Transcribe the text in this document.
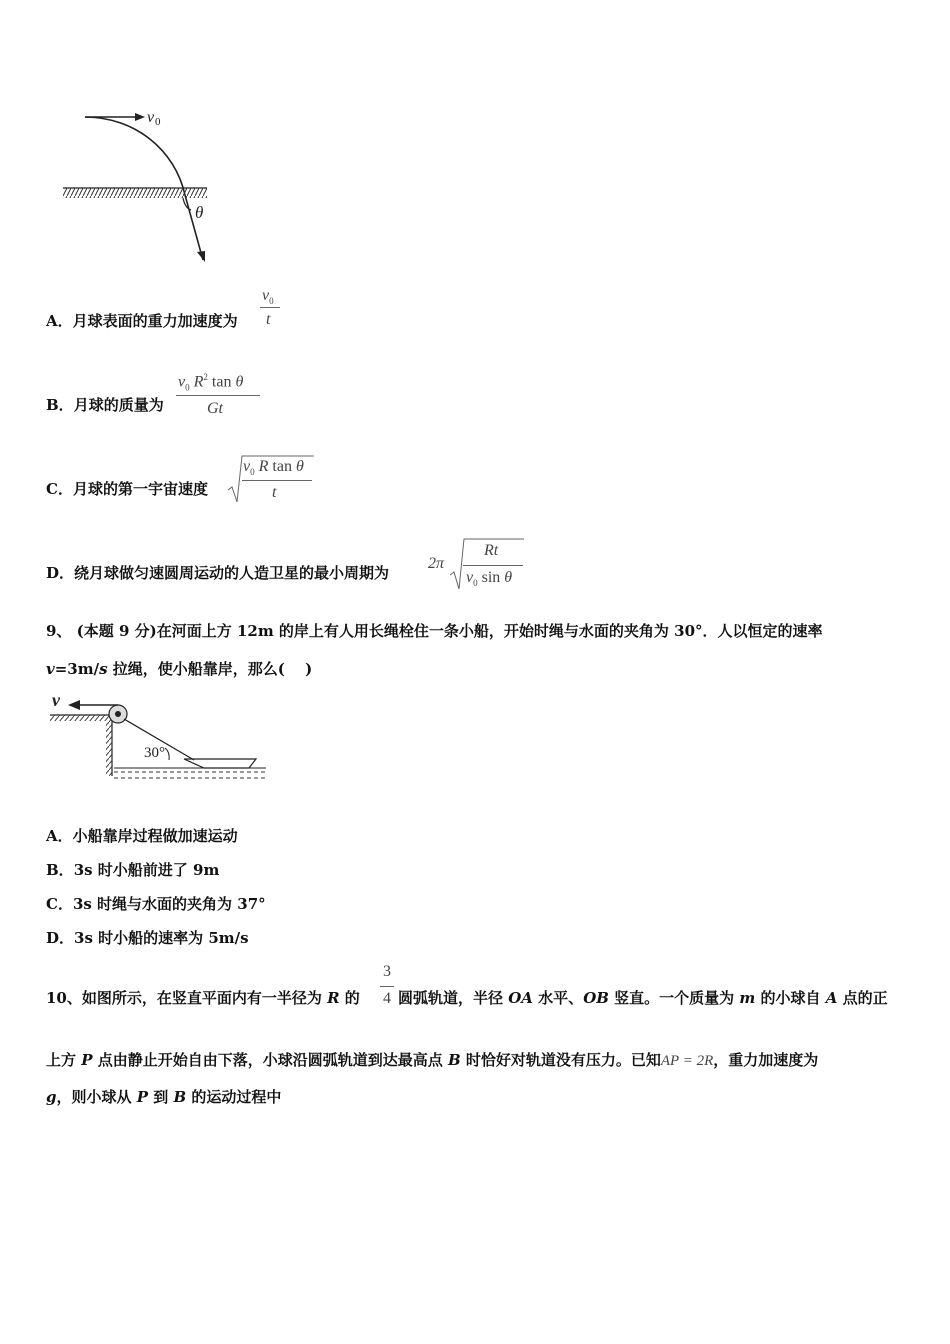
v 0
θ
A．月球表面的重力加速度为
$v_0$
t
B．月球的质量为
$v_0$ $R^2$ tan θ
Gt
C．月球的第一宇宙速度
$v_0$ R tan θ
t
D．绕月球做匀速圆周运动的人造卫星的最小周期为
2π
Rt
$v_0$ sin θ
9、 (本题 9 分)在河面上方 12m 的岸上有人用长绳栓住一条小船，开始时绳与水面的夹角为 30°．人以恒定的速率
v=3m/s 拉绳，使小船靠岸，那么(　 )
v
30°
A．小船靠岸过程做加速运动
B．3s 时小船前进了 9m
C．3s 时绳与水面的夹角为 37°
D．3s 时小船的速率为 5m/s
3
4
10、如图所示，在竖直平面内有一半径为 R 的	圆弧轨道，半径 OA 水平、OB 竖直。一个质量为 m 的小球自 A 点的正
上方 P 点由静止开始自由下落，小球沿圆弧轨道到达最高点 B 时恰好对轨道没有压力。已知AP = 2R，重力加速度为
g，则小球从 P 到 B 的运动过程中
